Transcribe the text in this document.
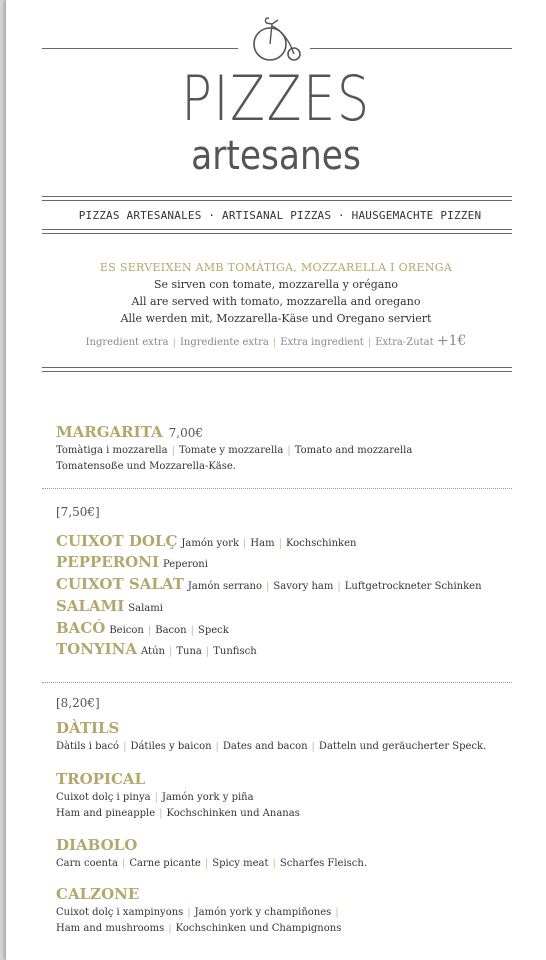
PIZZES
artesanes
PIZZAS ARTESANALES · ARTISANAL PIZZAS · HAUSGEMACHTE PIZZEN
ES SERVEIXEN AMB TOMÀTIGA, MOZZARELLA I ORENGA
Se sirven con tomate, mozzarella y orégano
All are served with tomato, mozzarella and oregano
Alle werden mit, Mozzarella-Käse und Oregano serviert
Ingredient extra | Ingrediente extra | Extra ingredient | Extra-Zutat +1€
MARGARITA 7,00€
Tomàtiga i mozzarella | Tomate y mozzarella | Tomato and mozzarella
Tomatensoße und Mozzarella-Käse.
[7,50€]
CUIXOT DOLÇ Jamón york | Ham | Kochschinken
PEPPERONI Peperoni
CUIXOT SALAT Jamón serrano | Savory ham | Luftgetrockneter Schinken
SALAMI Salami
BACÓ Beicon | Bacon | Speck
TONYINA Atún | Tuna | Tunfisch
[8,20€]
DÀTILS
Dàtils i bacó | Dátiles y baicon | Dates and bacon | Datteln und geräucherter Speck.
TROPICAL
Cuixot dolç i pinya | Jamón york y piña
Ham and pineapple | Kochschinken und Ananas
DIABOLO
Carn coenta | Carne picante | Spicy meat | Scharfes Fleisch.
CALZONE
Cuixot dolç i xampinyons | Jamón york y champiñones |
Ham and mushrooms | Kochschinken und Champignons
